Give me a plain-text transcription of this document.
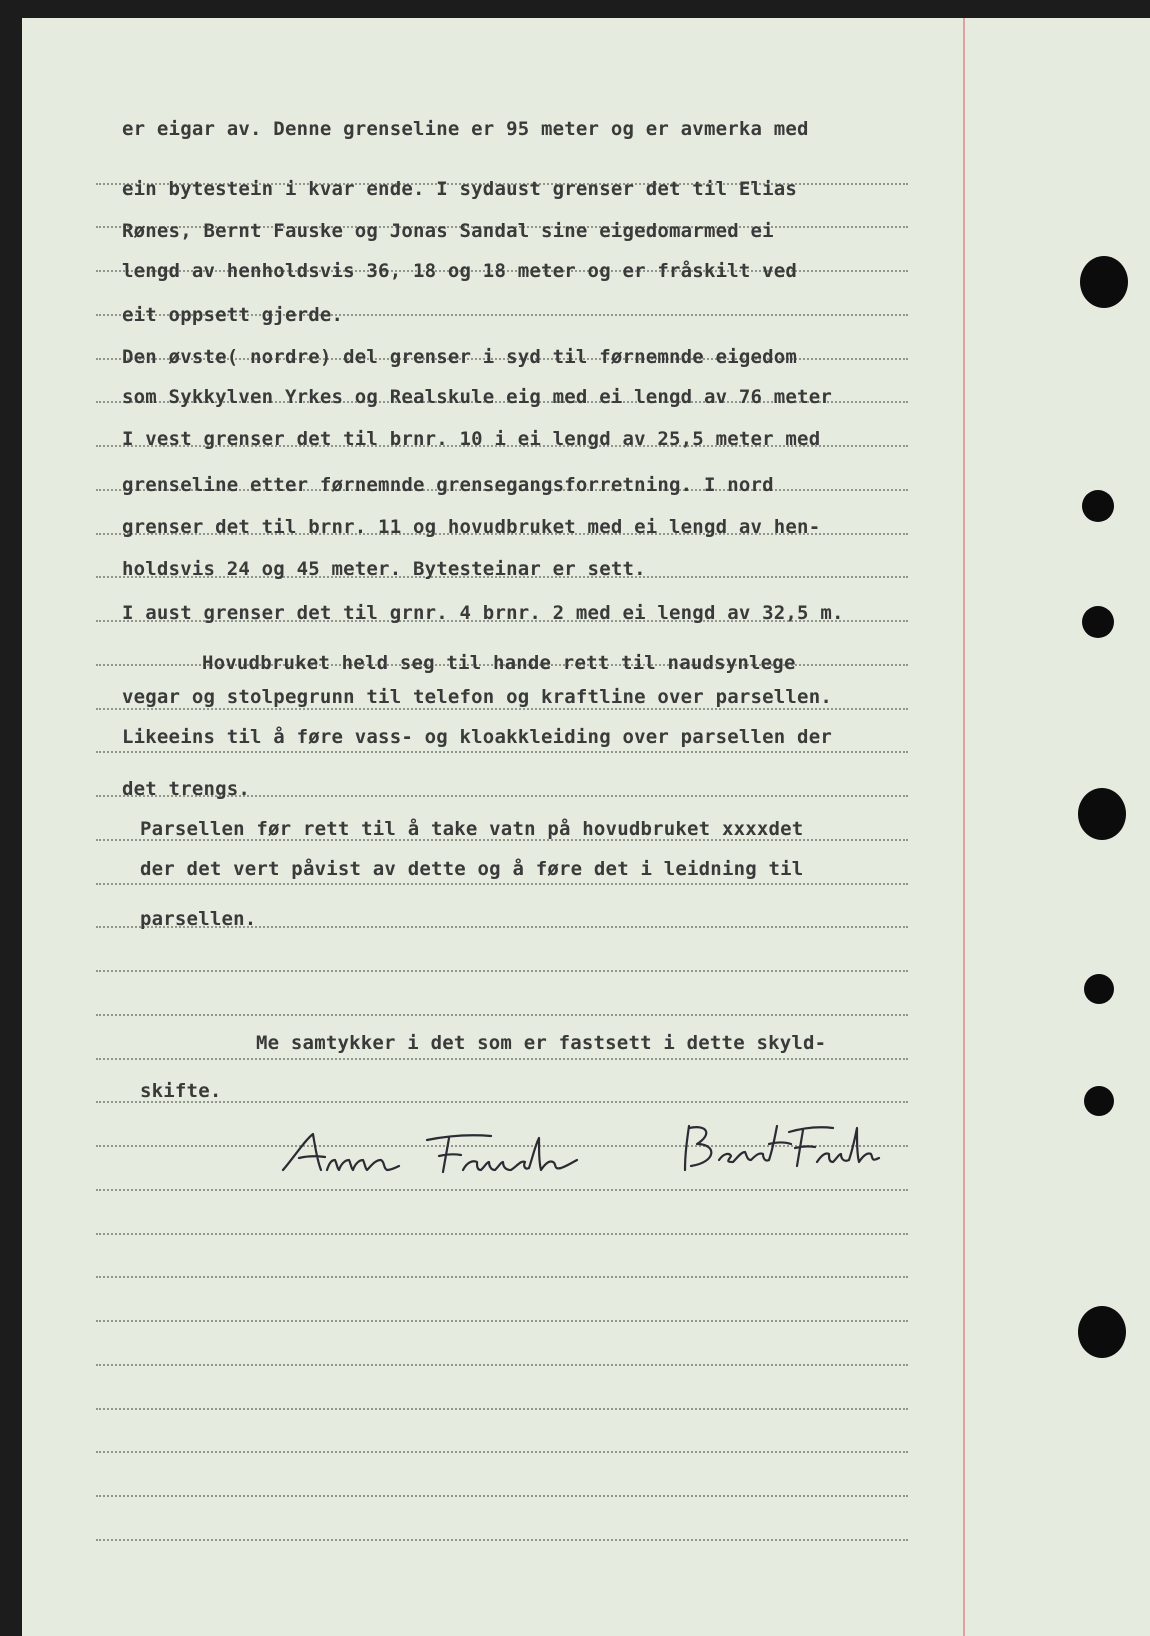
er eigar av. Denne grenseline er 95 meter og er avmerka med
ein bytestein i kvar ende. I sydaust grenser det til Elias
Rønes, Bernt Fauske og Jonas Sandal sine eigedomarmed ei
lengd av henholdsvis 36, 18 og 18 meter og er fråskilt ved
eit oppsett gjerde.
Den øvste( nordre) del grenser i syd til førnemnde eigedom
som Sykkylven Yrkes og Realskule eig med ei lengd av 76 meter
I vest grenser det til brnr. 10 i ei lengd av 25,5 meter med
grenseline etter førnemnde grensegangsforretning. I nord
grenser det til brnr. 11 og hovudbruket med ei lengd av hen-
holdsvis 24 og 45 meter. Bytesteinar er sett.
I aust grenser det til grnr. 4 brnr. 2 med ei lengd av 32,5 m.
Hovudbruket held seg til hande rett til naudsynlege
vegar og stolpegrunn til telefon og kraftline over parsellen.
Likeeins til å føre vass- og kloakkleiding over parsellen der
det trengs.
Parsellen før rett til å take vatn på hovudbruket xxxxdet
der det vert påvist av dette og å føre det i leidning til
parsellen.
Me samtykker i det som er fastsett i dette skyld-
skifte.
